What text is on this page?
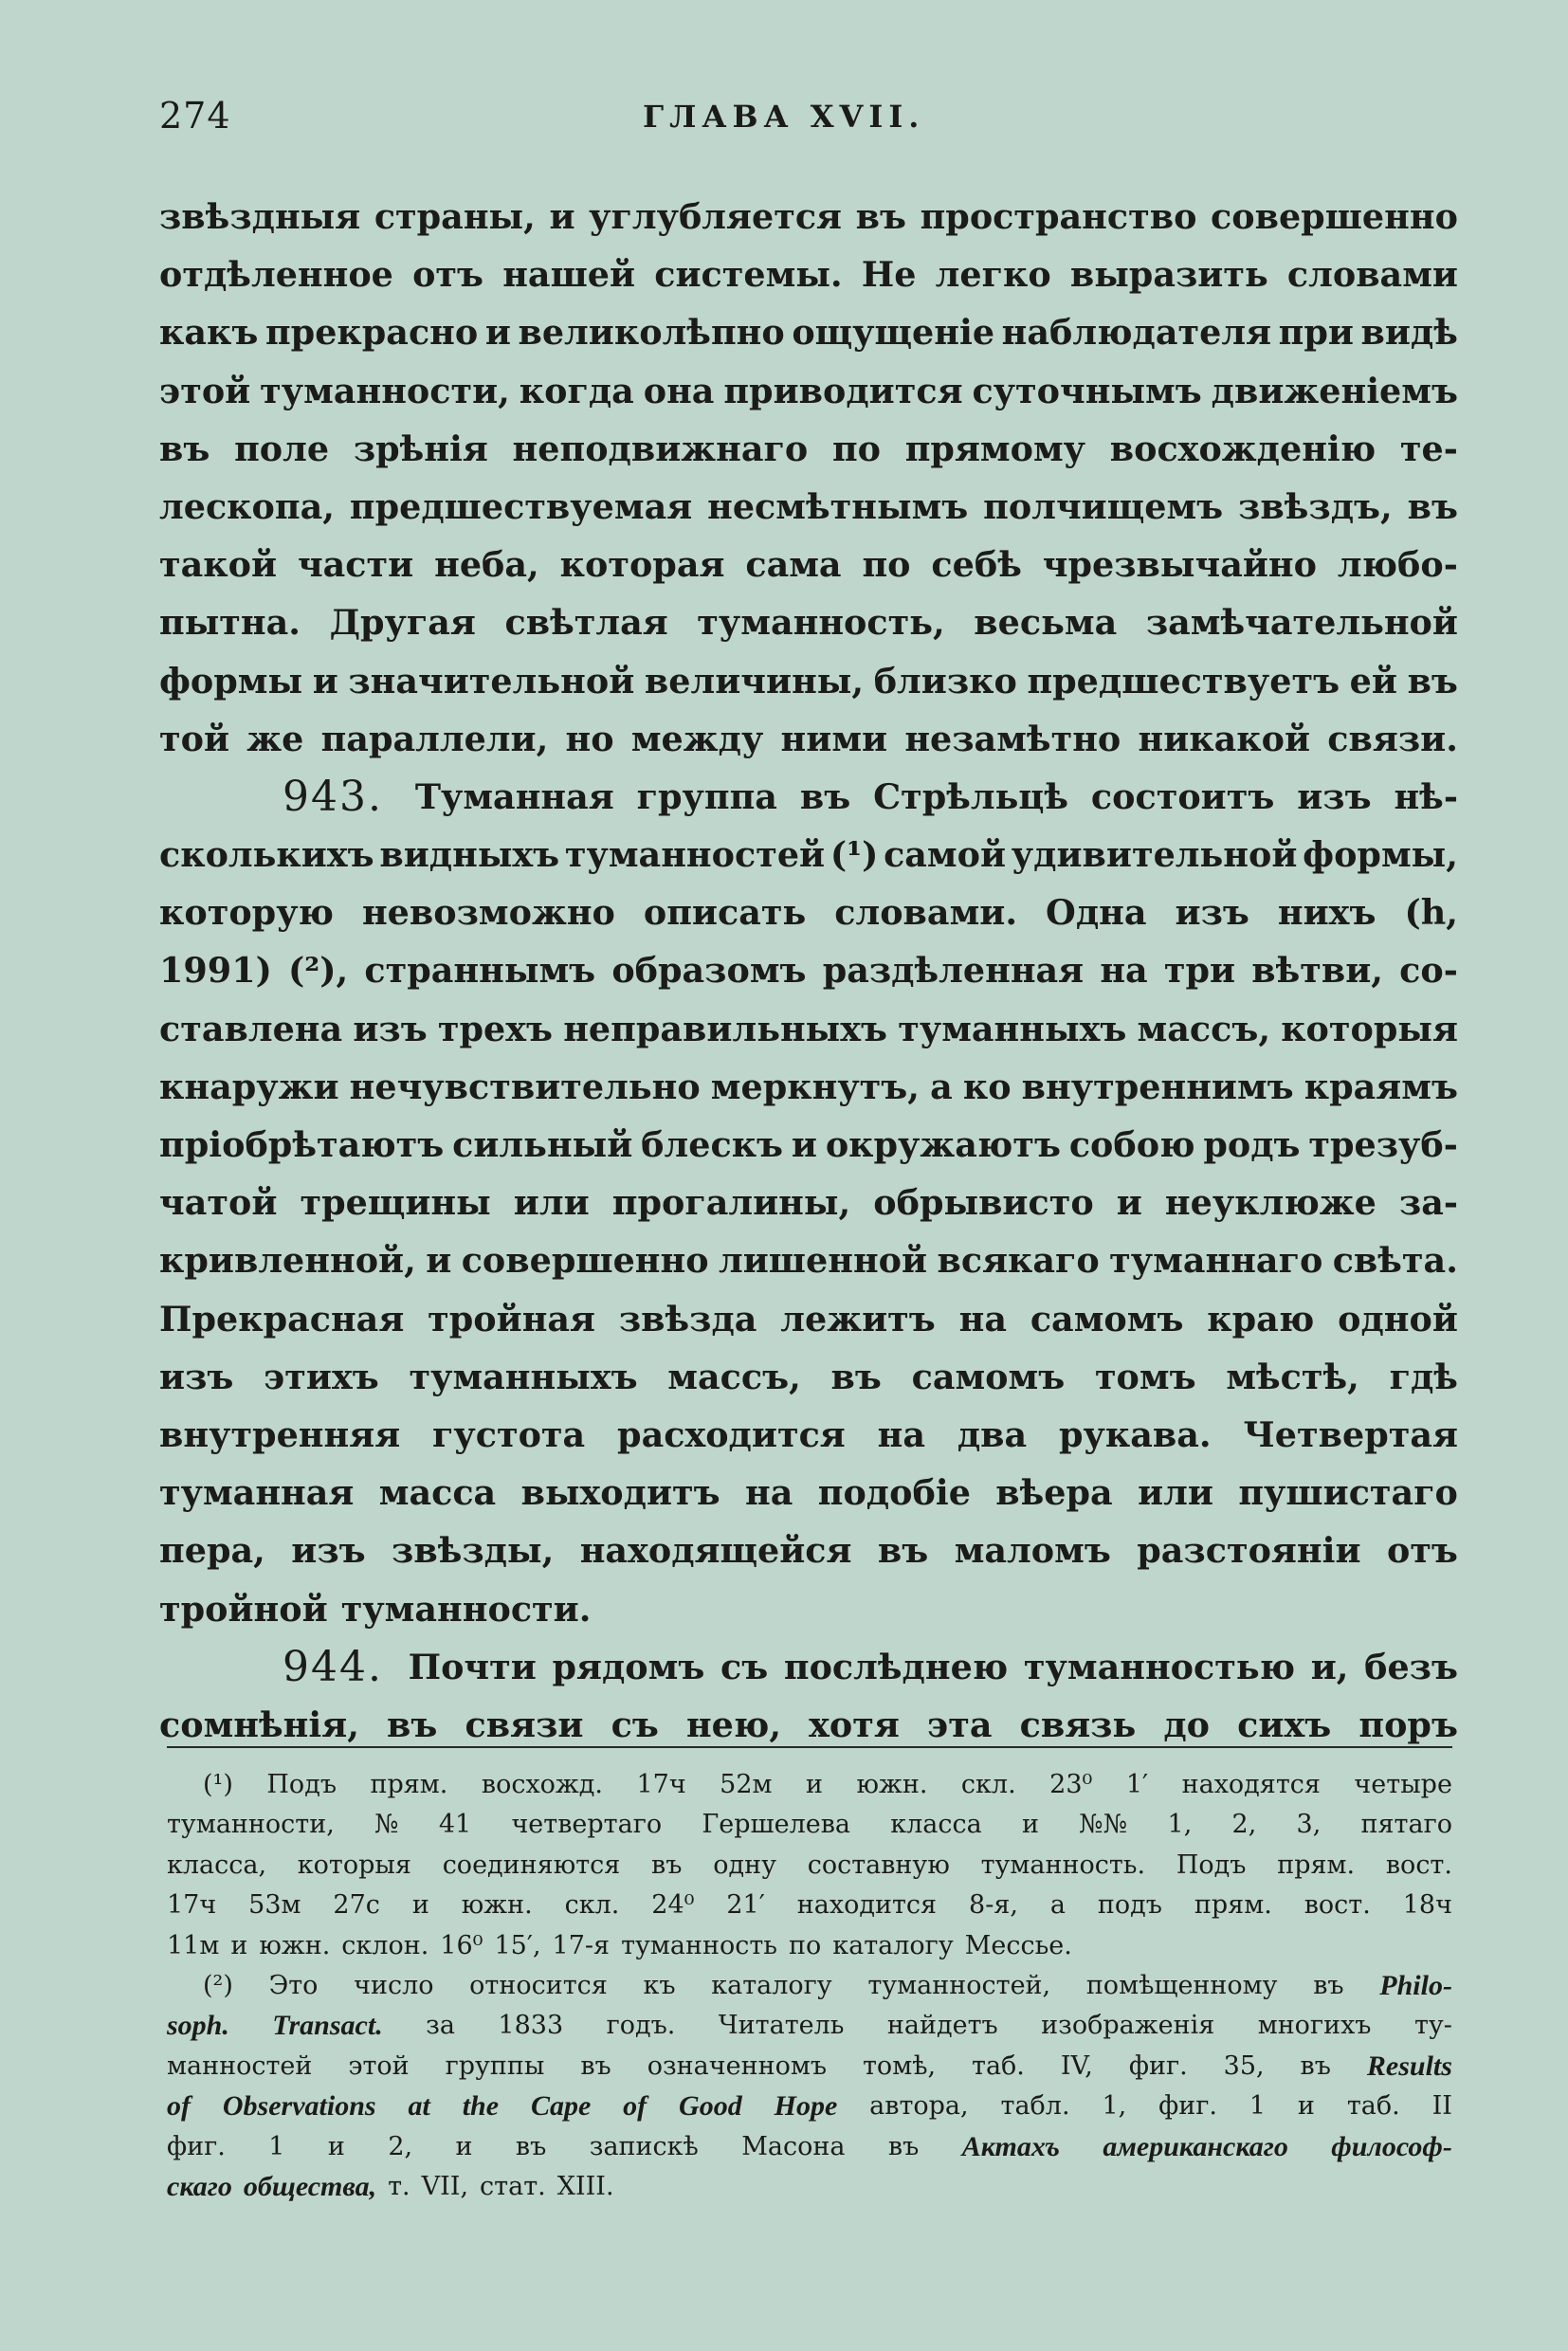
274	ГЛАВА XVII.
звѣздныя страны, и углубляется въ пространство совершенно
отдѣленное отъ нашей системы. Не легко выразить словами
какъ прекрасно и великолѣпно ощущеніе наблюдателя при видѣ
этой туманности, когда она приводится суточнымъ движеніемъ
въ поле зрѣнія неподвижнаго по прямому восхожденію те-
лескопа, предшествуемая несмѣтнымъ полчищемъ звѣздъ, въ
такой части неба, которая сама по себѣ чрезвычайно любо-
пытна. Другая свѣтлая туманность, весьма замѣчательной
формы и значительной величины, близко предшествуетъ ей въ
той же параллели, но между ними незамѣтно никакой связи.
943. Туманная группа въ Стрѣльцѣ состоитъ изъ нѣ-
сколькихъ видныхъ туманностей (¹) самой удивительной формы,
которую невозможно описать словами. Одна изъ нихъ (h,
1991) (²), страннымъ образомъ раздѣленная на три вѣтви, со-
ставлена изъ трехъ неправильныхъ туманныхъ массъ, которыя
кнаружи нечувствительно меркнутъ, а ко внутреннимъ краямъ
пріобрѣтаютъ сильный блескъ и окружаютъ собою родъ трезуб-
чатой трещины или прогалины, обрывисто и неуклюже за-
кривленной, и совершенно лишенной всякаго туманнаго свѣта.
Прекрасная тройная звѣзда лежитъ на самомъ краю одной
изъ этихъ туманныхъ массъ, въ самомъ томъ мѣстѣ, гдѣ
внутренняя густота расходится на два рукава. Четвертая
туманная масса выходитъ на подобіе вѣера или пушистаго
пера, изъ звѣзды, находящейся въ маломъ разстояніи отъ
тройной туманности.
944. Почти рядомъ съ послѣднею туманностью и, безъ
сомнѣнія, въ связи съ нею, хотя эта связь до сихъ поръ
(¹) Подъ прям. восхожд. 17ч 52м и южн. скл. 23⁰ 1′ находятся четыре
туманности, № 41 четвертаго Гершелева класса и №№ 1, 2, 3, пятаго
класса, которыя соединяются въ одну составную туманность. Подъ прям. вост.
17ч 53м 27с и южн. скл. 24⁰ 21′ находится 8-я, а подъ прям. вост. 18ч
11м и южн. склон. 16⁰ 15′, 17-я туманность по каталогу Мессье.
(²) Это число относится къ каталогу туманностей, помѣщенному въ Philo-
soph. Transact. за 1833 годъ. Читатель найдетъ изображенія многихъ ту-
манностей этой группы въ означенномъ томѣ, таб. IV, фиг. 35, въ Results
of Observations at the Cape of Good Hope автора, табл. 1, фиг. 1 и таб. II
фиг. 1 и 2, и въ запискѣ Масона въ Актахъ американскаго философ-
скаго общества, т. VII, стат. XIII.
